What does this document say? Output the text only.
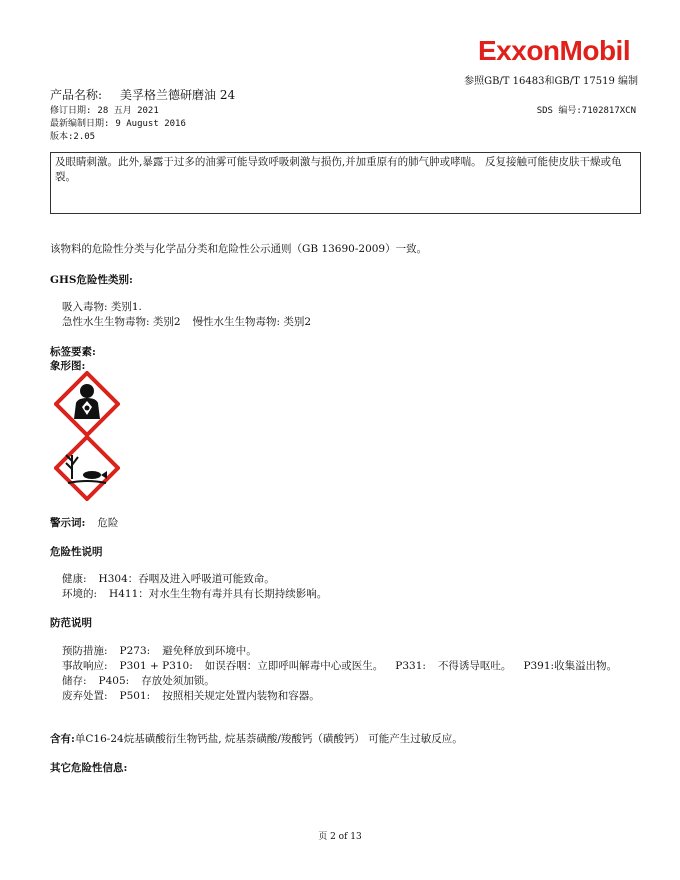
ExxonMobil
参照GB/T 16483和GB/T 17519 编制
产品名称: 美孚格兰德研磨油 24
修订日期: 28 五月 2021
最新编制日期: 9 August 2016
版本:2.05
SDS 编号:7102817XCN
及眼睛刺激。此外,暴露于过多的油雾可能导致呼吸刺激与损伤,并加重原有的肺气肿或哮喘。 反复接触可能使皮肤干燥或龟裂。
该物料的危险性分类与化学品分类和危险性公示通则（GB 13690-2009）一致。
GHS危险性类别:
吸入毒物: 类别1.
急性水生生物毒物: 类别2 慢性水生生物毒物: 类别2
标签要素:
象形图:
警示词: 危险
危险性说明
健康: H304：吞咽及进入呼吸道可能致命。
环境的: H411：对水生生物有毒并具有长期持续影响。
防范说明
预防措施: P273: 避免释放到环境中。
事故响应: P301 + P310: 如误吞咽：立即呼叫解毒中心或医生。 P331: 不得诱导呕吐。 P391:收集溢出物。
储存: P405: 存放处须加锁。
废弃处置: P501: 按照相关规定处置内装物和容器。
含有:单C16-24烷基磺酸衍生物钙盐, 烷基萘磺酸/羧酸钙（磺酸钙） 可能产生过敏反应。
其它危险性信息:
页 2 of 13
